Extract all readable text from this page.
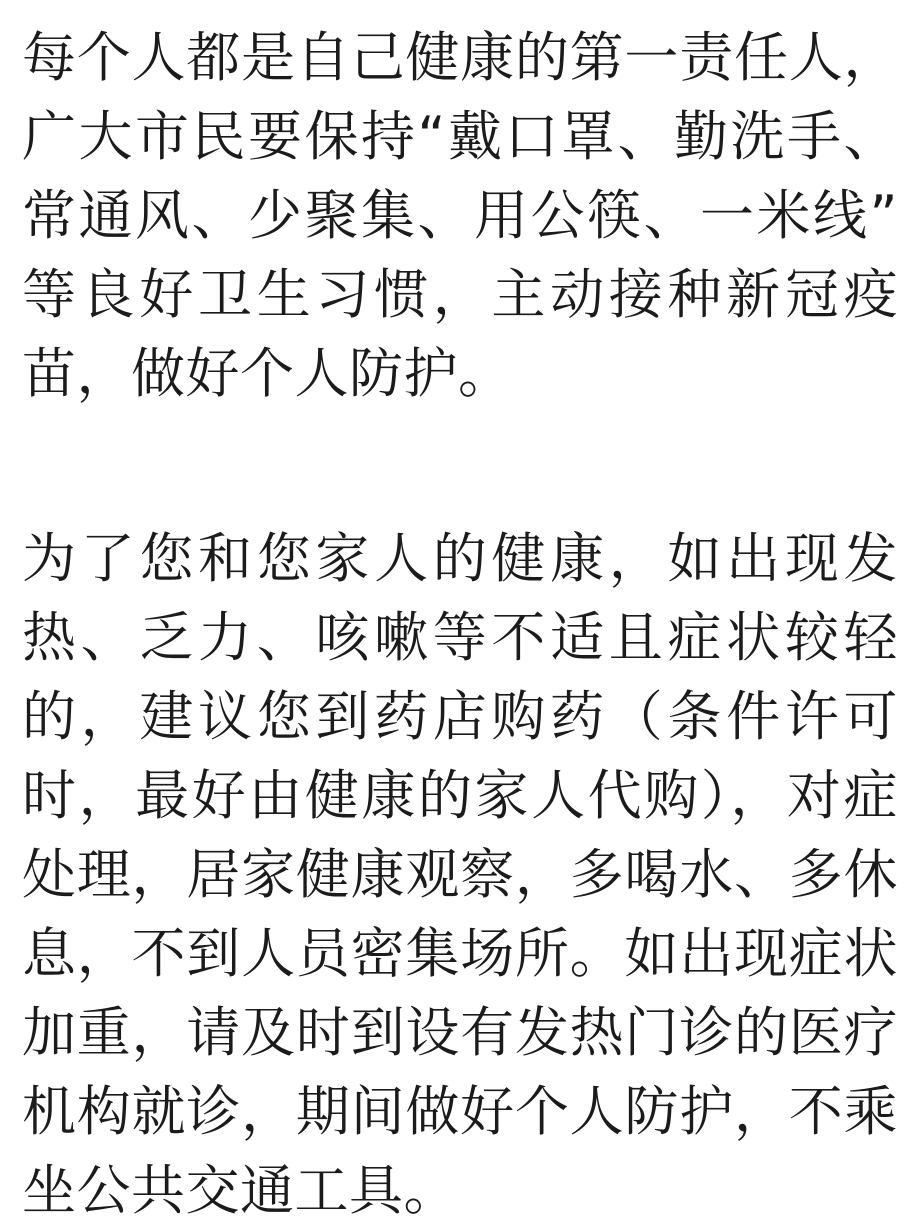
每个人都是自己健康的第一责任人，广大市民要保持“戴口罩、勤洗手、常通风、少聚集、用公筷、一米线”等良好卫生习惯，主动接种新冠疫苗，做好个人防护。

为了您和您家人的健康，如出现发热、乏力、咳嗽等不适且症状较轻的，建议您到药店购药（条件许可时，最好由健康的家人代购），对症处理，居家健康观察，多喝水、多休息，不到人员密集场所。如出现症状加重，请及时到设有发热门诊的医疗机构就诊，期间做好个人防护，不乘坐公共交通工具。
